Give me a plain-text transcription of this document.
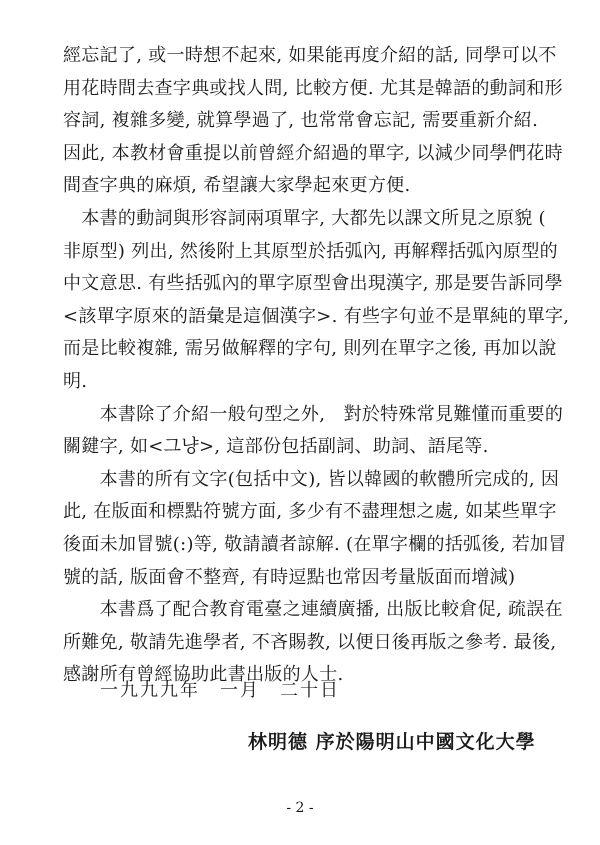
經忘記了, 或一時想不起來, 如果能再度介紹的話, 同學可以不
用花時間去查字典或找人問, 比較方便. 尤其是韓語的動詞和形
容詞, 複雜多變, 就算學過了, 也常常會忘記, 需要重新介紹.
因此, 本教材會重提以前曾經介紹過的單字, 以減少同學們花時
間查字典的麻煩, 希望讓大家學起來更方便.
　本書的動詞與形容詞兩項單字, 大都先以課文所見之原貌 (
非原型) 列出, 然後附上其原型於括弧內, 再解釋括弧內原型的
中文意思. 有些括弧內的單字原型會出現漢字, 那是要告訴同學
<該單字原來的語彙是這個漢字>. 有些字句並不是單純的單字,
而是比較複雜, 需另做解釋的字句, 則列在單字之後, 再加以說
明.
　　本書除了介紹一般句型之外,　對於特殊常見難懂而重要的
關鍵字, 如<그냥>, 這部份包括副詞、助詞、語尾等.
　　本書的所有文字(包括中文), 皆以韓國的軟體所完成的, 因
此, 在版面和標點符號方面, 多少有不盡理想之處, 如某些單字
後面未加冒號(:)等, 敬請讀者諒解. (在單字欄的括弧後, 若加冒
號的話, 版面會不整齊, 有時逗點也常因考量版面而增減)
　　本書爲了配合教育電臺之連續廣播, 出版比較倉促, 疏誤在
所難免, 敬請先進學者, 不吝賜教, 以便日後再版之參考. 最後,
感謝所有曾經協助此書出版的人士.
一九九九年　一月　二十日
林明德 序於陽明山中國文化大學
- 2 -
